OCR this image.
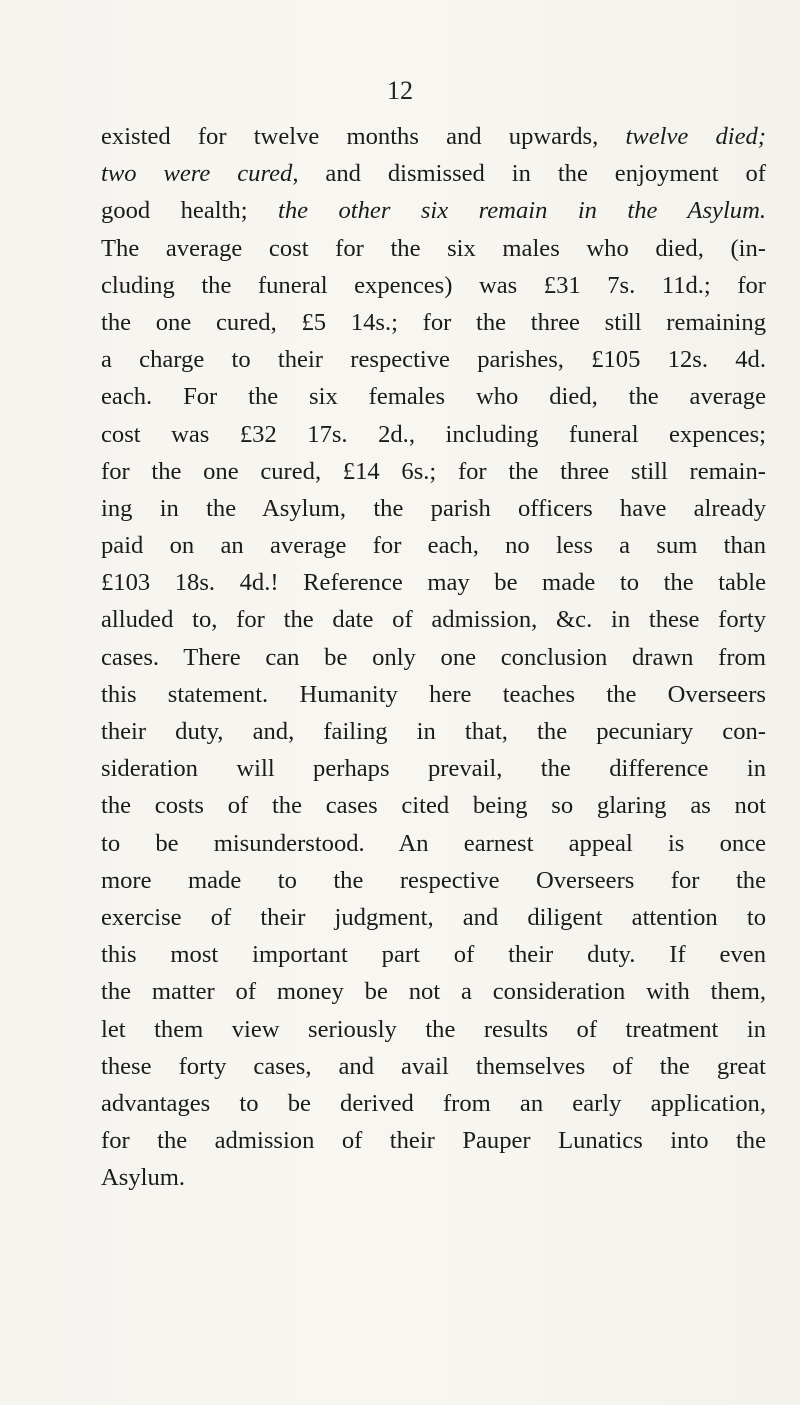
12
existed for twelve months and upwards, twelve died;
two were cured, and dismissed in the enjoyment of
good health; the other six remain in the Asylum.
The average cost for the six males who died, (in-
cluding the funeral expences) was £31 7s. 11d.; for
the one cured, £5 14s.; for the three still remaining
a charge to their respective parishes, £105 12s. 4d.
each. For the six females who died, the average
cost was £32 17s. 2d., including funeral expences;
for the one cured, £14 6s.; for the three still remain-
ing in the Asylum, the parish officers have already
paid on an average for each, no less a sum than
£103 18s. 4d.! Reference may be made to the table
alluded to, for the date of admission, &c. in these forty
cases. There can be only one conclusion drawn from
this statement. Humanity here teaches the Overseers
their duty, and, failing in that, the pecuniary con-
sideration will perhaps prevail, the difference in
the costs of the cases cited being so glaring as not
to be misunderstood. An earnest appeal is once
more made to the respective Overseers for the
exercise of their judgment, and diligent attention to
this most important part of their duty. If even
the matter of money be not a consideration with them,
let them view seriously the results of treatment in
these forty cases, and avail themselves of the great
advantages to be derived from an early application,
for the admission of their Pauper Lunatics into the
Asylum.
